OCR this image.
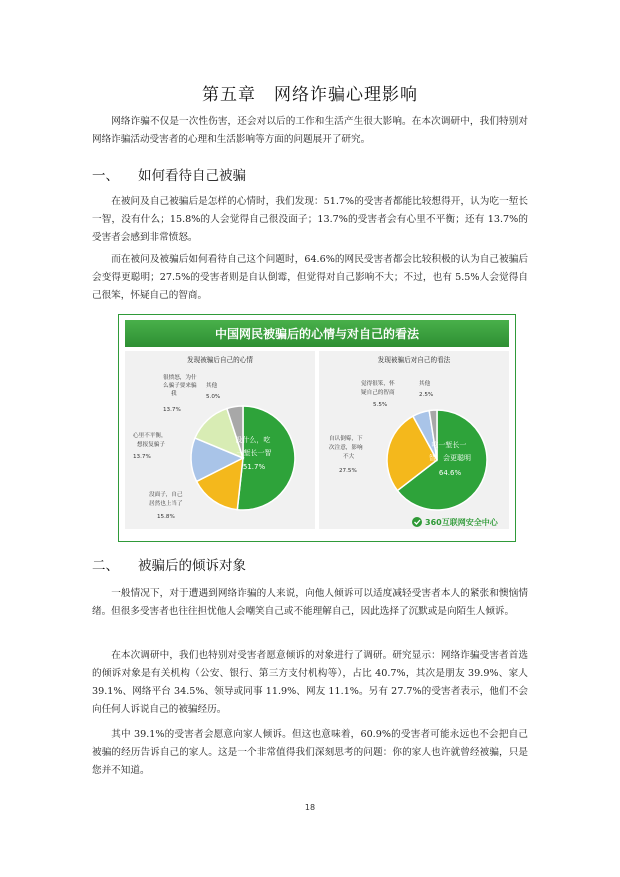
第五章　网络诈骗心理影响

网络诈骗不仅是一次性伤害，还会对以后的工作和生活产生很大影响。在本次调研中，我们特别对网络诈骗活动受害者的心理和生活影响等方面的问题展开了研究。

一、 如何看待自己被骗

在被问及自己被骗后是怎样的心情时，我们发现：51.7%的受害者都能比较想得开，认为吃一堑长一智，没有什么；15.8%的人会觉得自己很没面子；13.7%的受害者会有心里不平衡；还有 13.7%的受害者会感到非常愤怒。

而在被问及被骗后如何看待自己这个问题时，64.6%的网民受害者都会比较积极的认为自己被骗后会变得更聪明；27.5%的受害者则是自认倒霉，但觉得对自己影响不大；不过，也有 5.5%人会觉得自己很笨，怀疑自己的智商。

中国网民被骗后的心情与对自己的看法
发现被骗后自己的心情	发现被骗后对自己的看法
很愤怒，为什 么骗子要来骗 我
13.7%
其他
5.0%
心里不平衡， 想报复骗子
13.7%
没面子，自己 居然也上当了
15.8%
没什么，吃 一堑长一智
51.7%
觉得很笨，怀 疑自己的智商
5.5%
其他
2.5%
自认倒霉，下 次注意，影响 不大
27.5%
吃一堑长一 智，会更聪明
64.6%
360互联网安全中心
二、 被骗后的倾诉对象

一般情况下，对于遭遇到网络诈骗的人来说，向他人倾诉可以适度减轻受害者本人的紧张和懊恼情绪。但很多受害者也往往担忧他人会嘲笑自己或不能理解自己，因此选择了沉默或是向陌生人倾诉。

在本次调研中，我们也特别对受害者愿意倾诉的对象进行了调研。研究显示：网络诈骗受害者首选的倾诉对象是有关机构（公安、银行、第三方支付机构等），占比 40.7%，其次是朋友 39.9%、家人 39.1%、网络平台 34.5%、领导或同事 11.9%、网友 11.1%。另有 27.7%的受害者表示，他们不会向任何人诉说自己的被骗经历。

其中 39.1%的受害者会愿意向家人倾诉。但这也意味着，60.9%的受害者可能永远也不会把自己被骗的经历告诉自己的家人。这是一个非常值得我们深刻思考的问题：你的家人也许就曾经被骗，只是您并不知道。

18
